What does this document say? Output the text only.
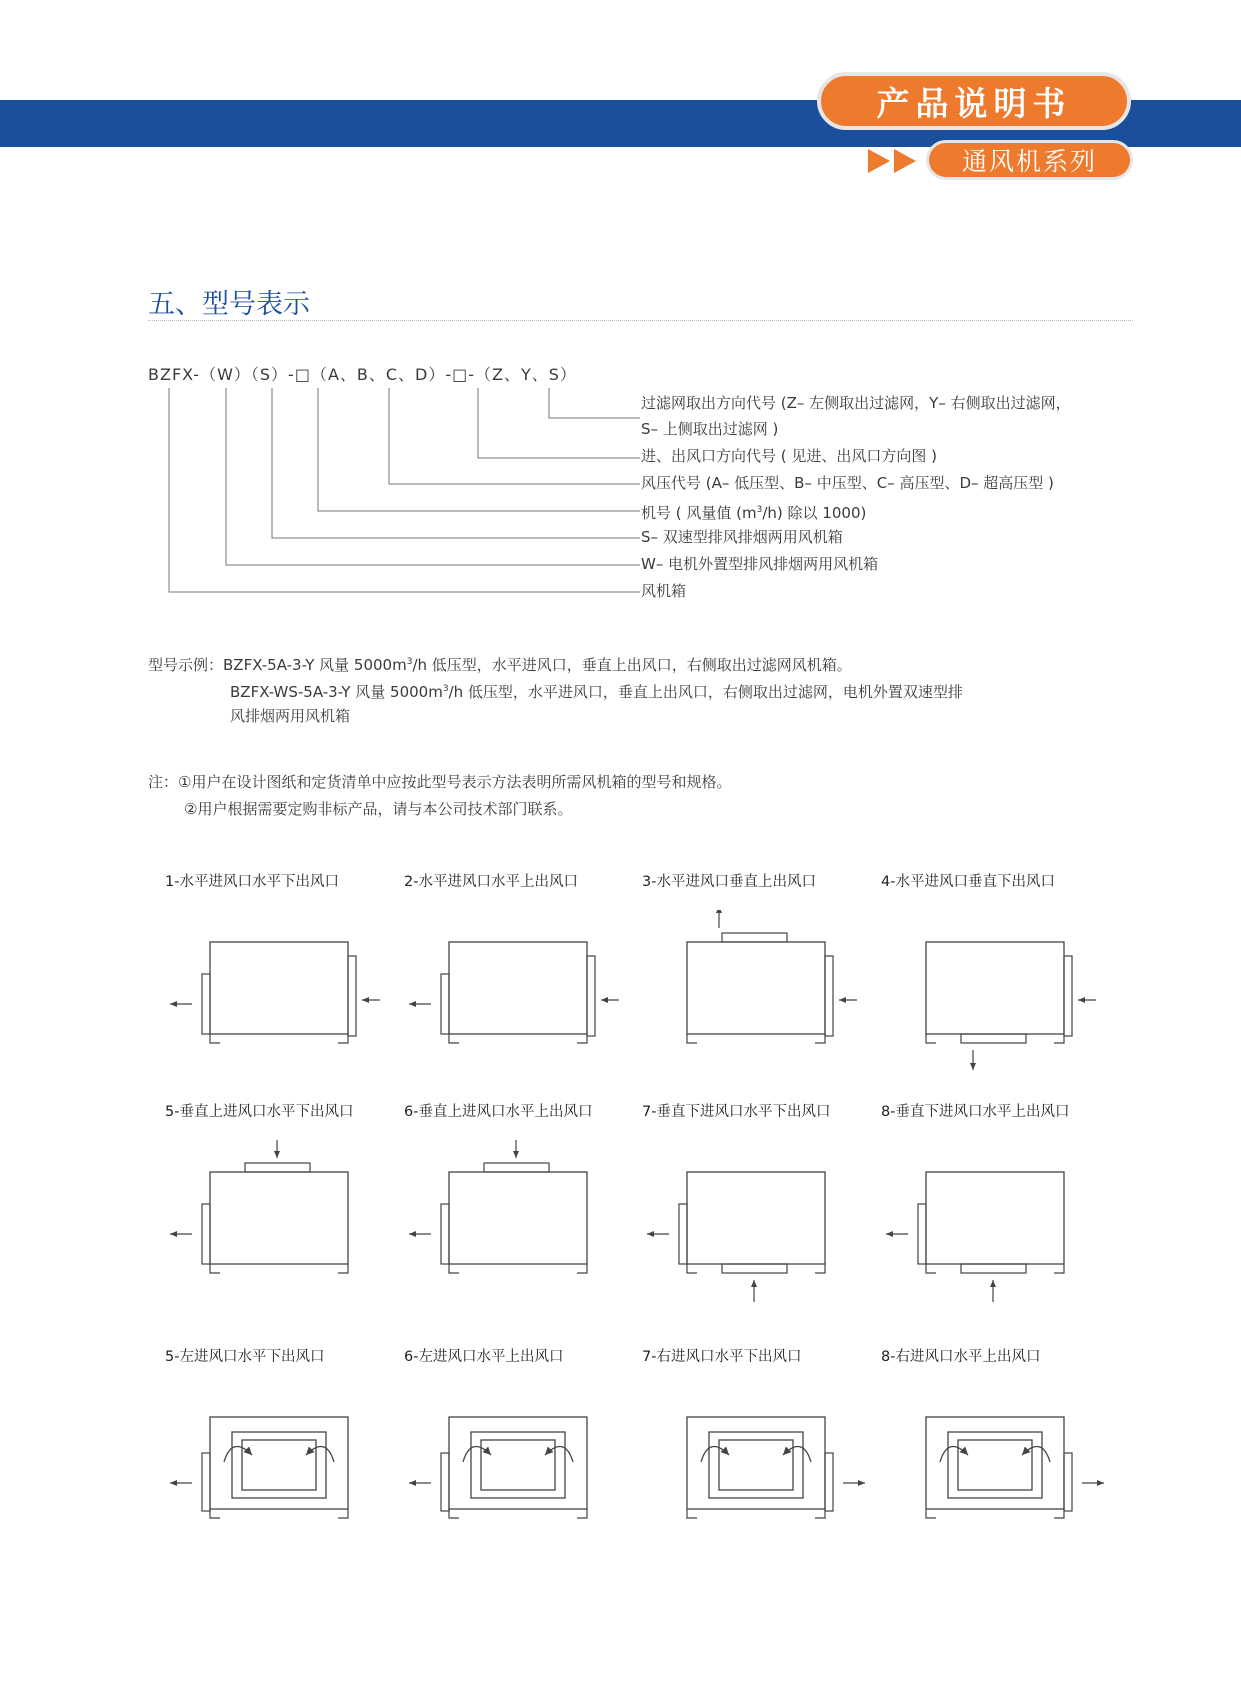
产品说明书
通风机系列
五、型号表示
BZFX-（W）（S）-□（A、B、C、D）-□-（Z、Y、S）
过滤网取出方向代号 (Z– 左侧取出过滤网，Y– 右侧取出过滤网，
S– 上侧取出过滤网 )
进、出风口方向代号 ( 见进、出风口方向图 )
风压代号 (A– 低压型、B– 中压型、C– 高压型、D– 超高压型 )
机号 ( 风量值 $(m^3/h)$ 除以 1000)
S– 双速型排风排烟两用风机箱
W– 电机外置型排风排烟两用风机箱
风机箱
型号示例：BZFX-5A-3-Y 风量 $5000m^3/h$ 低压型，水平进风口，垂直上出风口，右侧取出过滤网风机箱。
BZFX-WS-5A-3-Y 风量 $5000m^3/h$ 低压型，水平进风口，垂直上出风口，右侧取出过滤网，电机外置双速型排
风排烟两用风机箱
注：①用户在设计图纸和定货清单中应按此型号表示方法表明所需风机箱的型号和规格。
②用户根据需要定购非标产品，请与本公司技术部门联系。
1-水平进风口水平下出风口	2-水平进风口水平上出风口	3-水平进风口垂直上出风口	4-水平进风口垂直下出风口
5-垂直上进风口水平下出风口	6-垂直上进风口水平上出风口	7-垂直下进风口水平下出风口	8-垂直下进风口水平上出风口
5-左进风口水平下出风口	6-左进风口水平上出风口	7-右进风口水平下出风口	8-右进风口水平上出风口
